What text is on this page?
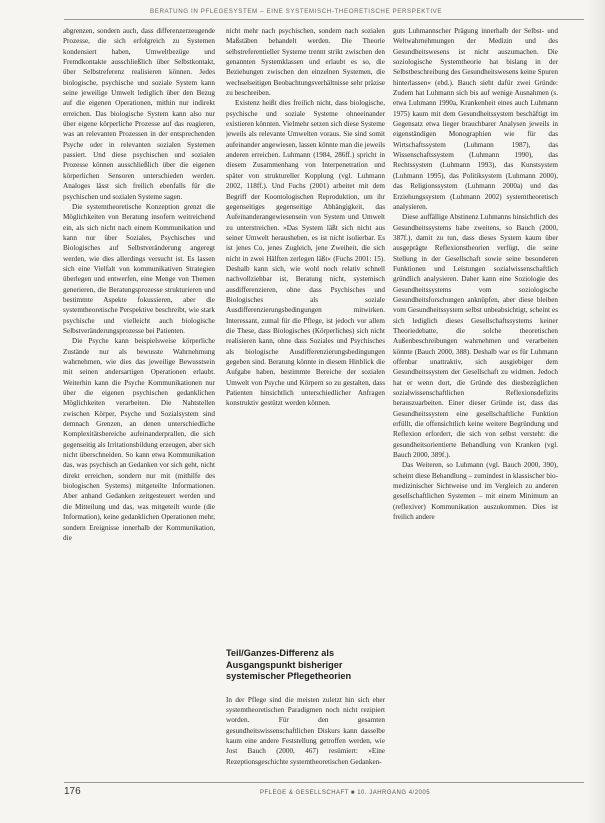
BERATUNG IN PFLEGESYSTEM – EINE SYSTEMISCH-THEORETISCHE PERSPEKTIVE

abgrenzen, sondern auch, dass differenzerzeugende Prozesse, die sich erfolgreich zu Systemen kondensiert haben, Umweltbezüge und Fremdkontakte ausschließlich über Selbstkontakt, über Selbstreferenz realisieren können. Jedes biologische, psychische und soziale System kann seine jeweilige Umwelt lediglich über den Bezug auf die eigenen Operationen, mithin nur indirekt erreichen. Das biologische System kann also nur über eigene körperliche Prozesse auf das reagieren, was an relevanten Prozessen in der entsprechenden Psyche oder in relevanten sozialen Systemen passiert. Und diese psychischen und sozialen Prozesse können ausschließlich über die eigenen körperlichen Sensoren unterschieden werden. Analoges lässt sich freilich ebenfalls für die psychischen und sozialen Systeme sagen.

Die systemtheoretische Konzeption grenzt die Möglichkeiten von Beratung insofern weitreichend ein, als sich nicht nach einem Kommunikation und kann nur über Soziales, Psychisches und Biologisches auf Selbstveränderung angeregt werden, wie dies allerdings versucht ist. Es lassen sich eine Vielfalt von kommunikativen Strategien überlegen und entwerfen, eine Menge von Themen generieren, die Beratungsprozesse strukturieren und bestimmte Aspekte fokussieren, aber die systemtheoretische Perspektive beschreibt, wie stark psychische und vielleicht auch biologische Selbstveränderungsprozesse bei Patienten.

Die Psyche kann beispielsweise körperliche Zustände nur als bewusste Wahrnehmung wahrnehmen, wie dies das jeweilige Bewusstsein mit seinen andersartigen Operationen erlaubt. Weiterhin kann die Psyche Kommunikationen nur über die eigenen psychischen gedanklichen Möglichkeiten verarbeiten. Die Nahtstellen zwischen Körper, Psyche und Sozialsystem sind demnach Grenzen, an denen unterschiedliche Komplexitätsbereiche aufeinanderprallen, die sich gegenseitig als Irritationsbildung erzeugen, aber sich nicht überschneiden. So kann etwa Kommunikation das, was psychisch an Gedanken vor sich geht, nicht direkt erreichen, sondern nur mit (mithilfe des biologischen Systems) mitgeteilte Informationen. Aber anhand Gedanken zeitgesteuert werden und die Mitteilung und das, was mitgeteilt wurde (die Information), keine gedanklichen Operationen mehr, sondern Ereignisse innerhalb der Kommunikation, die

nicht mehr nach psychischen, sondern nach sozialen Maßstäben behandelt werden. Die Theorie selbstreferentieller Systeme trennt strikt zwischen den genannten Systemklassen und erlaubt es so, die Beziehungen zwischen den einzelnen Systemen, die wechselseitigen Beobachtungsverhältnisse sehr präzise zu beschreiben.

Existenz heißt dies freilich nicht, dass biologische, psychische und soziale Systeme ohneeinander existieren könnten. Vielmehr setzen sich diese Systeme jeweils als relevante Umwelten voraus. Sie sind somit aufeinander angewiesen, lassen könnte man die jeweils anderen erreichen. Luhmann (1984, 286ff.) spricht in diesem Zusammenhang von Interpenetration und später von struktureller Kopplung (vgl. Luhmann 2002, 118ff.). Und Fuchs (2001) arbeitet mit dem Begriff der Koontologischen Reproduktion, um ihr gegenseitiges gegenseitige Abhängigkeit, das Aufeinanderangewiesensein von System und Umwelt zu unterstreichen. »Das System läßt sich nicht aus seiner Umwelt herausheben, es ist nicht isolierbar. Es ist jenes Co, jenes Zugleich, jene Zweiheit, die sich nicht in zwei Hälften zerlegen läßt« (Fuchs 2001: 15). Deshalb kann sich, wie wohl noch relativ schnell nachvollziehbar ist, Beratung nicht, systemisch ausdifferenzieren, ohne dass Psychisches und Biologisches als soziale Ausdifferenzierungsbedingungen mitwirken. Interessant, zumal für die Pflege, ist jedoch vor allem die These, dass Biologisches (Körperliches) sich nicht realisieren kann, ohne dass Soziales und Psychisches als biologische Ausdifferenzierungsbedingungen gegeben sind. Beratung könnte in diesem Hinblick die Aufgabe haben, bestimmte Bereiche der sozialen Umwelt von Psyche und Körpern so zu gestalten, dass Patienten hinsichtlich unterschiedlicher Anfragen konstruktiv gestützt werden können.

Teil/Ganzes-Differenz als Ausgangspunkt bisheriger systemischer Pflegetheorien

In der Pflege sind die meisten zuletzt hin sich eher systemtheoretischen Paradigmen noch nicht rezipiert worden. Für den gesamten gesundheitswissenschaftlichen Diskurs kann dasselbe kaum eine andere Feststellung getroffen werden, wie Jost Bauch (2000, 467) resümiert: »Eine Rezeptionsgeschichte systemtheoretischen Gedanken-

guts Luhmannscher Prägung innerhalb der Selbst- und Weltwahrnehmungen der Medizin und des Gesundheitswesens ist nicht auszumachen. Die soziologische Systemtheorie hat bislang in der Selbstbeschreibung des Gesundheitswesens keine Spuren hinterlassen« (ebd.). Bauch sieht dafür zwei Gründe: Zudem hat Luhmann sich bis auf wenige Ausnahmen (s. etwa Luhmann 1990a, Krankenheit eines auch Luhmann 1975) kaum mit dem Gesundheitssystem beschäftigt im Gegensatz etwa lieger brauchbarer Analysen jeweils in eigenständigen Monographien wie für das Wirtschaftssystem (Luhmann 1987), das Wissenschaftssystem (Luhmann 1990), das Rechtssystem (Luhmann 1993), das Kunstsystem (Luhmann 1995), das Politiksystem (Luhmann 2000), das Religionssystem (Luhmann 2000a) und das Erziehungssystem (Luhmann 2002) systemtheoretisch analysieren.

Diese auffällige Abstinenz Luhmanns hinsichtlich des Gesundheitssystems habe zweitens, so Bauch (2000, 387f.), damit zu tun, dass dieses System kaum über ausgeprägte Reflexionstheorien verfügt, die seine Stellung in der Gesellschaft sowie seine besonderen Funktionen und Leistungen sozialwissenschaftlich gründlich analysieren. Daher kann eine Soziologie des Gesundheitssystems vom soziologische Gesundheitsforschungen anknüpfen, aber diese bleiben vom Gesundheitssystem selbst unbeabsichtigt, scheint es sich lediglich dieses Gesellschaftssystems keiner Theoriedebatte, die solche theoretischen Außenbeschreibungen wahrnehmen und verarbeiten könnte (Bauch 2000, 388). Deshalb war es für Luhmann offenbar unattraktiv, sich ausgiebiger dem Gesundheitssystem der Gesellschaft zu widmen. Jedoch hat er wenn dort, die Gründe des diesbezüglichen sozialwissenschaftlichen Reflexionsdefizits herauszuarbeiten. Einer dieser Gründe ist, dass das Gesundheitssystem eine gesellschaftliche Funktion erfüllt, die offensichtlich keine weitere Begründung und Reflexion erfordert, die sich von selbst versteht: die gesundheitsorientierte Behandlung von Kranken (vgl. Bauch 2000, 389f.).

Das Weiteren, so Luhmann (vgl. Bauch 2000, 390), scheint diese Behandlung – zumindest in klassischer bio-medizinischer Sichtweise und im Vergleich zu anderen gesellschaftlichen Systemen – mit einem Minimum an (reflexiver) Kommunikation auszukommen. Dies ist freilich andere

176	PFLEGE & GESELLSCHAFT ■ 10. JAHRGANG 4/2005
